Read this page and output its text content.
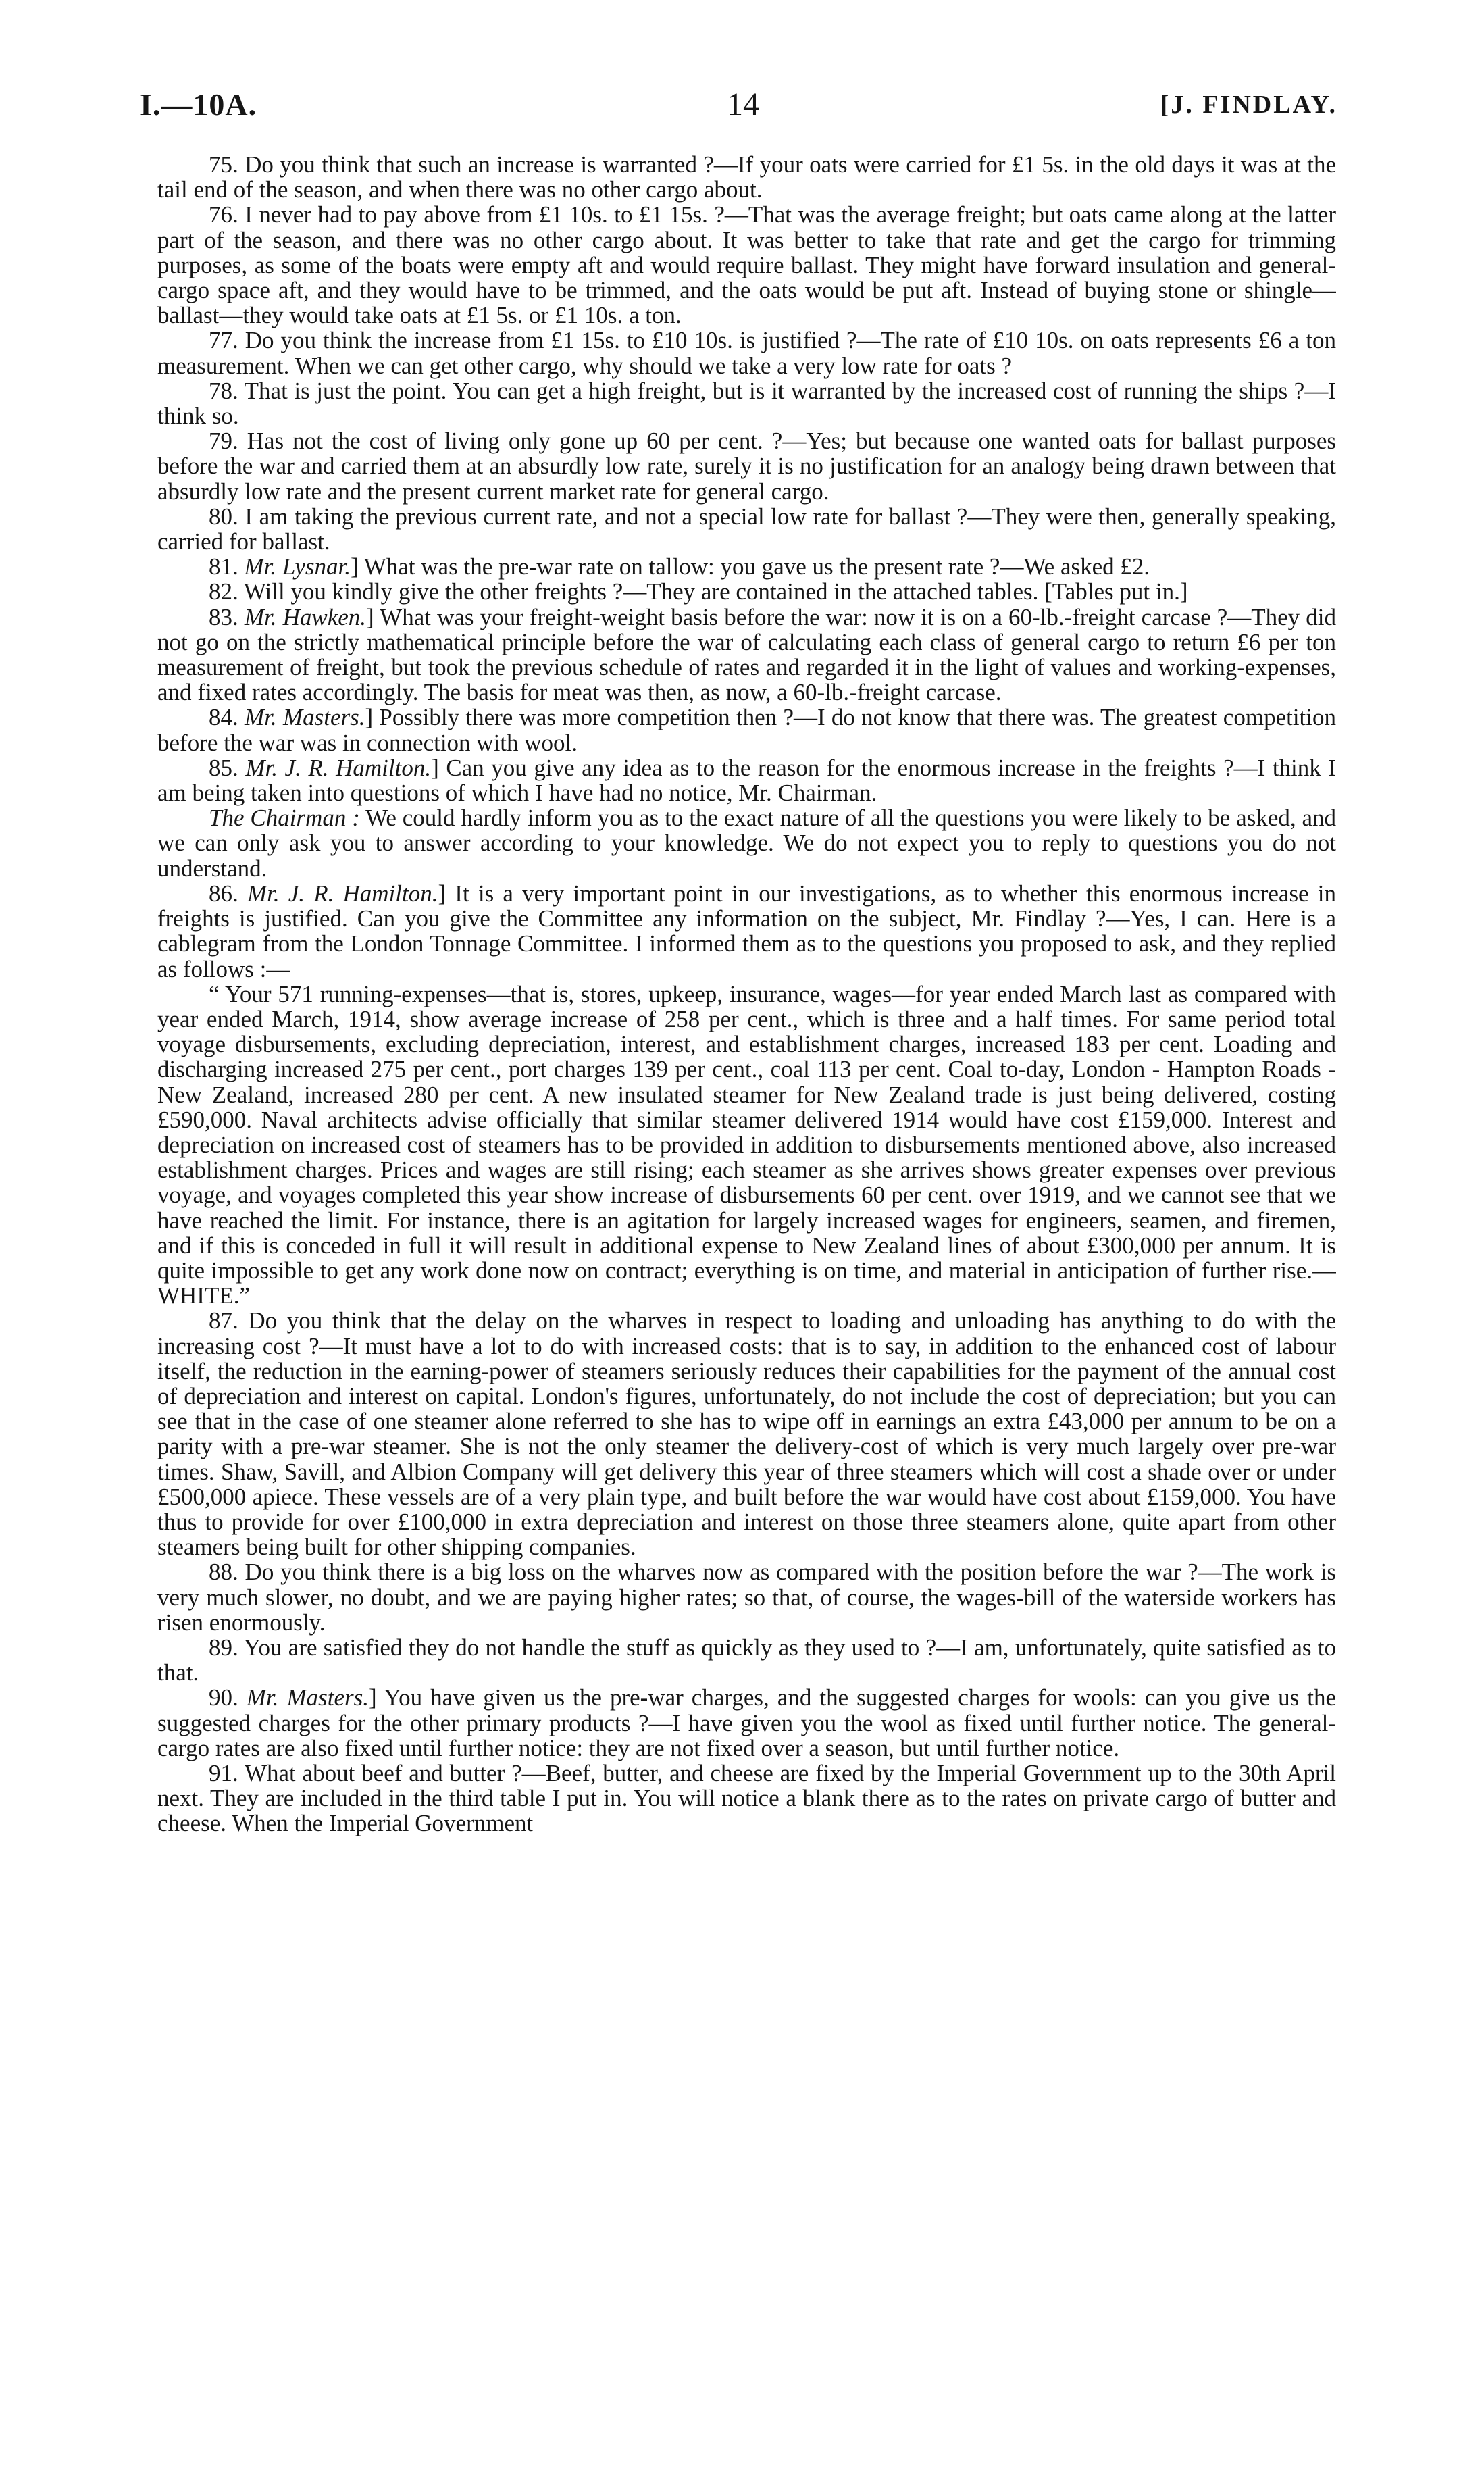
I.—10A.	14	[J. FINDLAY.

75. Do you think that such an increase is warranted ?—If your oats were carried for £1 5s. in the old days it was at the tail end of the season, and when there was no other cargo about.

76. I never had to pay above from £1 10s. to £1 15s. ?—That was the average freight; but oats came along at the latter part of the season, and there was no other cargo about. It was better to take that rate and get the cargo for trimming purposes, as some of the boats were empty aft and would require ballast. They might have forward insulation and general-cargo space aft, and they would have to be trimmed, and the oats would be put aft. Instead of buying stone or shingle—ballast—they would take oats at £1 5s. or £1 10s. a ton.

77. Do you think the increase from £1 15s. to £10 10s. is justified ?—The rate of £10 10s. on oats represents £6 a ton measurement. When we can get other cargo, why should we take a very low rate for oats ?

78. That is just the point. You can get a high freight, but is it warranted by the increased cost of running the ships ?—I think so.

79. Has not the cost of living only gone up 60 per cent. ?—Yes; but because one wanted oats for ballast purposes before the war and carried them at an absurdly low rate, surely it is no justification for an analogy being drawn between that absurdly low rate and the present current market rate for general cargo.

80. I am taking the previous current rate, and not a special low rate for ballast ?—They were then, generally speaking, carried for ballast.

81. Mr. Lysnar.] What was the pre-war rate on tallow: you gave us the present rate ?—We asked £2.

82. Will you kindly give the other freights ?—They are contained in the attached tables. [Tables put in.]

83. Mr. Hawken.] What was your freight-weight basis before the war: now it is on a 60-lb.-freight carcase ?—They did not go on the strictly mathematical principle before the war of calculating each class of general cargo to return £6 per ton measurement of freight, but took the previous schedule of rates and regarded it in the light of values and working-expenses, and fixed rates accordingly. The basis for meat was then, as now, a 60-lb.-freight carcase.

84. Mr. Masters.] Possibly there was more competition then ?—I do not know that there was. The greatest competition before the war was in connection with wool.

85. Mr. J. R. Hamilton.] Can you give any idea as to the reason for the enormous increase in the freights ?—I think I am being taken into questions of which I have had no notice, Mr. Chairman.

The Chairman : We could hardly inform you as to the exact nature of all the questions you were likely to be asked, and we can only ask you to answer according to your knowledge. We do not expect you to reply to questions you do not understand.

86. Mr. J. R. Hamilton.] It is a very important point in our investigations, as to whether this enormous increase in freights is justified. Can you give the Committee any information on the subject, Mr. Findlay ?—Yes, I can. Here is a cablegram from the London Tonnage Committee. I informed them as to the questions you proposed to ask, and they replied as follows :—

“ Your 571 running-expenses—that is, stores, upkeep, insurance, wages—for year ended March last as compared with year ended March, 1914, show average increase of 258 per cent., which is three and a half times. For same period total voyage disbursements, excluding depreciation, interest, and establishment charges, increased 183 per cent. Loading and discharging increased 275 per cent., port charges 139 per cent., coal 113 per cent. Coal to-day, London - Hampton Roads - New Zealand, increased 280 per cent. A new insulated steamer for New Zealand trade is just being delivered, costing £590,000. Naval architects advise officially that similar steamer delivered 1914 would have cost £159,000. Interest and depreciation on increased cost of steamers has to be provided in addition to disbursements mentioned above, also increased establishment charges. Prices and wages are still rising; each steamer as she arrives shows greater expenses over previous voyage, and voyages completed this year show increase of disbursements 60 per cent. over 1919, and we cannot see that we have reached the limit. For instance, there is an agitation for largely increased wages for engineers, seamen, and firemen, and if this is conceded in full it will result in additional expense to New Zealand lines of about £300,000 per annum. It is quite impossible to get any work done now on contract; everything is on time, and material in anticipation of further rise.—WHITE.”

87. Do you think that the delay on the wharves in respect to loading and unloading has anything to do with the increasing cost ?—It must have a lot to do with increased costs: that is to say, in addition to the enhanced cost of labour itself, the reduction in the earning-power of steamers seriously reduces their capabilities for the payment of the annual cost of depreciation and interest on capital. London's figures, unfortunately, do not include the cost of depreciation; but you can see that in the case of one steamer alone referred to she has to wipe off in earnings an extra £43,000 per annum to be on a parity with a pre-war steamer. She is not the only steamer the delivery-cost of which is very much largely over pre-war times. Shaw, Savill, and Albion Company will get delivery this year of three steamers which will cost a shade over or under £500,000 apiece. These vessels are of a very plain type, and built before the war would have cost about £159,000. You have thus to provide for over £100,000 in extra depreciation and interest on those three steamers alone, quite apart from other steamers being built for other shipping companies.

88. Do you think there is a big loss on the wharves now as compared with the position before the war ?—The work is very much slower, no doubt, and we are paying higher rates; so that, of course, the wages-bill of the waterside workers has risen enormously.

89. You are satisfied they do not handle the stuff as quickly as they used to ?—I am, unfortunately, quite satisfied as to that.

90. Mr. Masters.] You have given us the pre-war charges, and the suggested charges for wools: can you give us the suggested charges for the other primary products ?—I have given you the wool as fixed until further notice. The general-cargo rates are also fixed until further notice: they are not fixed over a season, but until further notice.

91. What about beef and butter ?—Beef, butter, and cheese are fixed by the Imperial Government up to the 30th April next. They are included in the third table I put in. You will notice a blank there as to the rates on private cargo of butter and cheese. When the Imperial Government
